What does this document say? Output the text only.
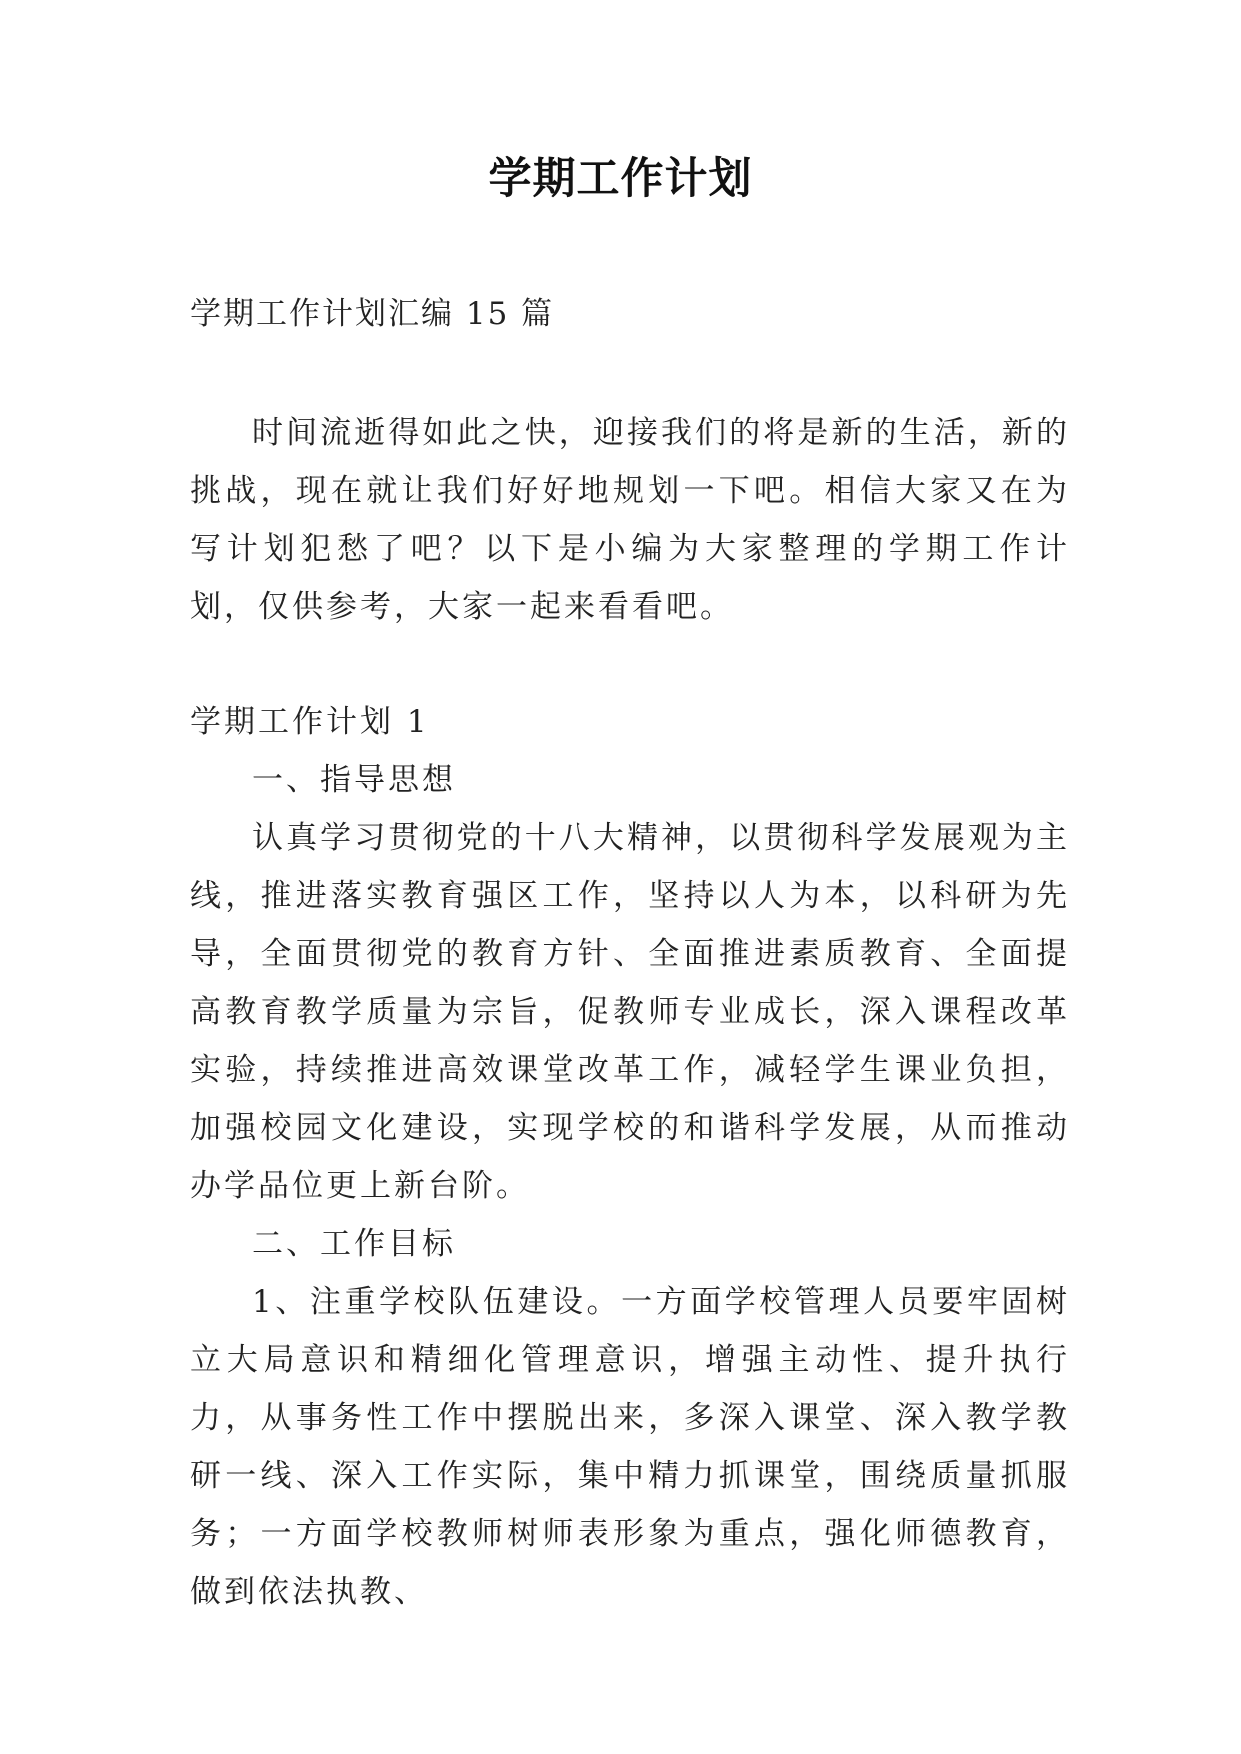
学期工作计划
学期工作计划汇编 15 篇

时间流逝得如此之快，迎接我们的将是新的生活，新的挑战，现在就让我们好好地规划一下吧。相信大家又在为写计划犯愁了吧？以下是小编为大家整理的学期工作计划，仅供参考，大家一起来看看吧。

学期工作计划 1

一、指导思想

认真学习贯彻党的十八大精神，以贯彻科学发展观为主线，推进落实教育强区工作，坚持以人为本，以科研为先导，全面贯彻党的教育方针、全面推进素质教育、全面提高教育教学质量为宗旨，促教师专业成长，深入课程改革实验，持续推进高效课堂改革工作，减轻学生课业负担，加强校园文化建设，实现学校的和谐科学发展，从而推动办学品位更上新台阶。

二、工作目标

1、注重学校队伍建设。一方面学校管理人员要牢固树立大局意识和精细化管理意识，增强主动性、提升执行力，从事务性工作中摆脱出来，多深入课堂、深入教学教研一线、深入工作实际，集中精力抓课堂，围绕质量抓服务；一方面学校教师树师表形象为重点，强化师德教育，做到依法执教、
